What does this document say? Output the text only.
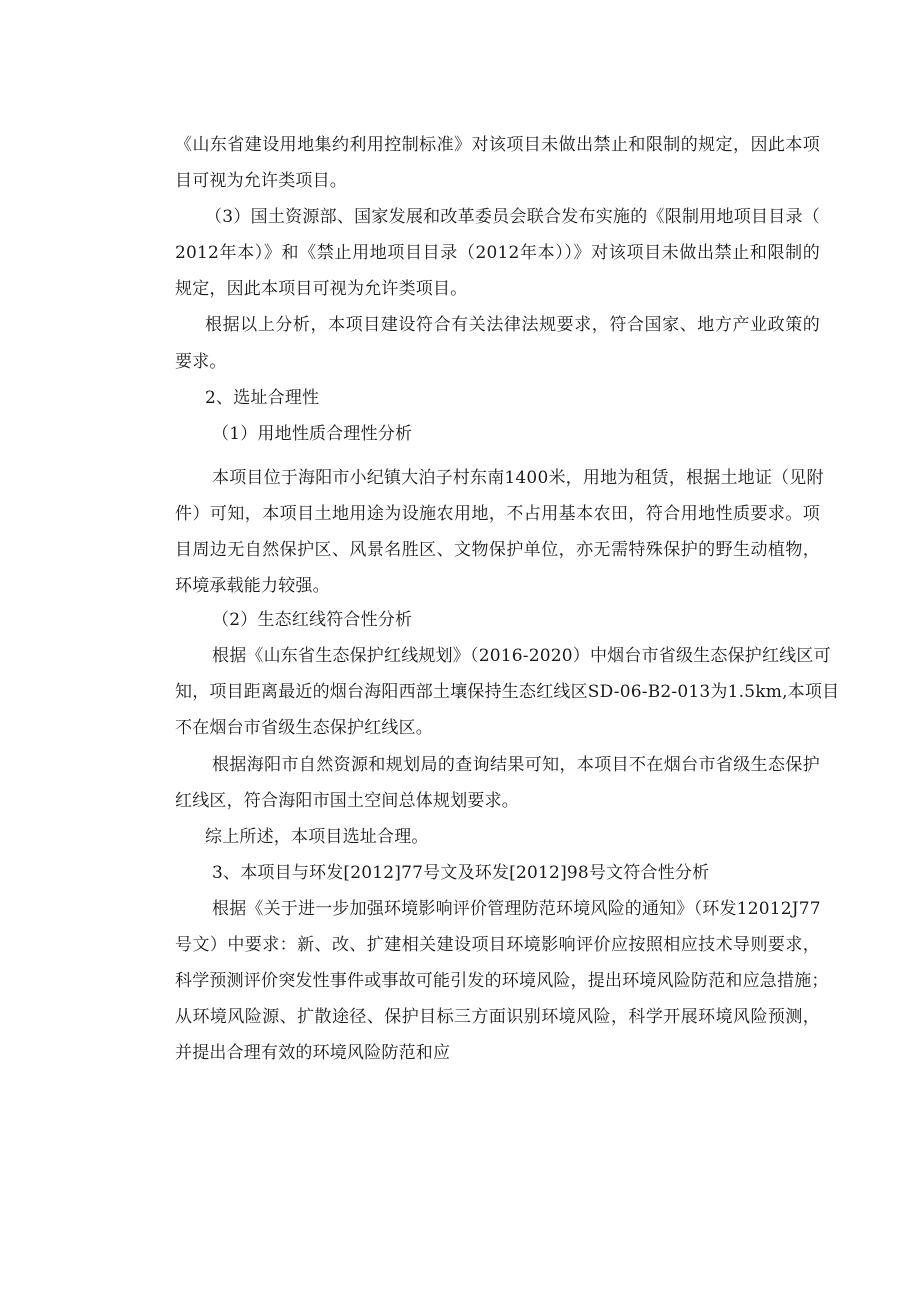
《山东省建设用地集约利用控制标准》对该项目未做出禁止和限制的规定，因此本项
目可视为允许类项目。
（3）国土资源部、国家发展和改革委员会联合发布实施的《限制用地项目目录（
2012年本）》和《禁止用地项目目录（2012年本））》对该项目未做出禁止和限制的
规定，因此本项目可视为允许类项目。
根据以上分析，本项目建设符合有关法律法规要求，符合国家、地方产业政策的
要求。
2、选址合理性
（1）用地性质合理性分析
本项目位于海阳市小纪镇大泊子村东南1400米，用地为租赁，根据土地证（见附
件）可知，本项目土地用途为设施农用地，不占用基本农田，符合用地性质要求。项
目周边无自然保护区、风景名胜区、文物保护单位，亦无需特殊保护的野生动植物，
环境承载能力较强。
（2）生态红线符合性分析
根据《山东省生态保护红线规划》（2016-2020）中烟台市省级生态保护红线区可
知，项目距离最近的烟台海阳西部土壤保持生态红线区SD-06-B2-013为1.5km,本项目
不在烟台市省级生态保护红线区。
根据海阳市自然资源和规划局的查询结果可知，本项目不在烟台市省级生态保护
红线区，符合海阳市国土空间总体规划要求。
综上所述，本项目选址合理。
3、本项目与环发[2012]77号文及环发[2012]98号文符合性分析
根据《关于进一步加强环境影响评价管理防范环境风险的通知》（环发12012J77
号文）中要求：新、改、扩建相关建设项目环境影响评价应按照相应技术导则要求，
科学预测评价突发性事件或事故可能引发的环境风险，提出环境风险防范和应急措施；
从环境风险源、扩散途径、保护目标三方面识别环境风险，科学开展环境风险预测，
并提出合理有效的环境风险防范和应
